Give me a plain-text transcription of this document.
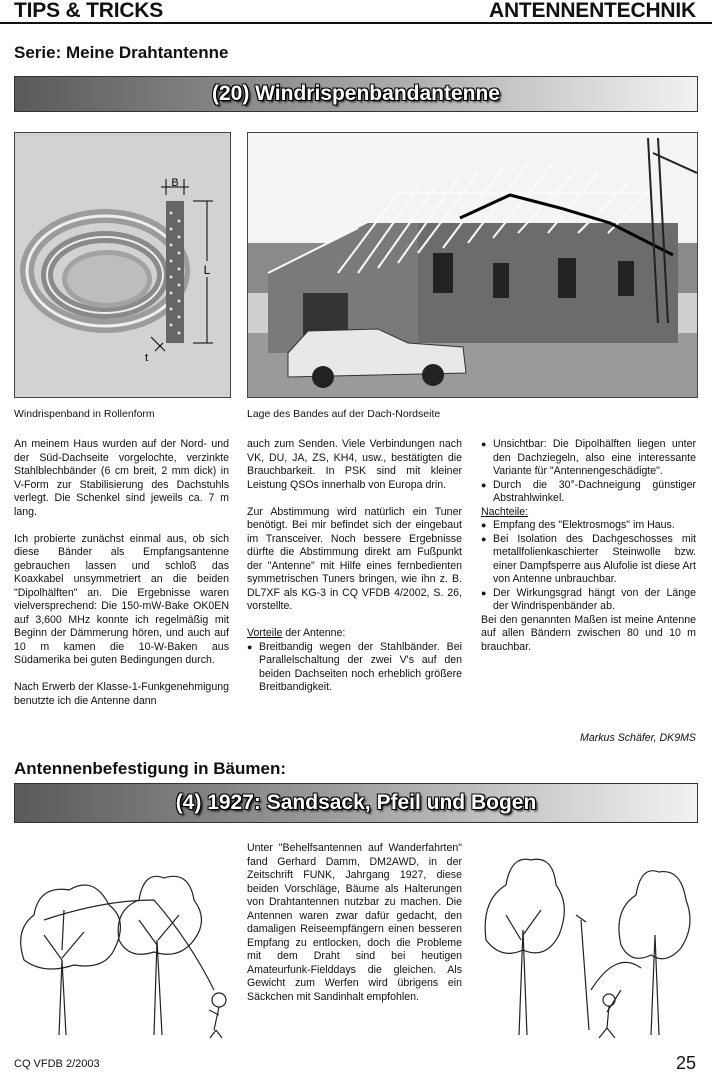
TIPS & TRICKS	ANTENNENTECHNIK
Serie: Meine Drahtantenne
(20) Windrispenbandantenne
B
L
t
Windrispenband in Rollenform	Lage des Bandes auf der Dach-Nordseite

An meinem Haus wurden auf der Nord- und der Süd-Dachseite vorgelochte, verzinkte Stahlblechbänder (6 cm breit, 2 mm dick) in V-Form zur Stabilisierung des Dachstuhls verlegt. Die Schenkel sind jeweils ca. 7 m lang.

Ich probierte zunächst einmal aus, ob sich diese Bänder als Empfangsantenne gebrauchen lassen und schloß das Koaxkabel unsymmetriert an die beiden "Dipolhälften" an. Die Ergebnisse waren vielversprechend: Die 150-mW-Bake OK0EN auf 3,600 MHz konnte ich regelmäßig mit Beginn der Dämmerung hören, und auch auf 10 m kamen die 10-W-Baken aus Südamerika bei guten Bedingungen durch.

Nach Erwerb der Klasse-1-Funkgenehmigung benutzte ich die Antenne dann

auch zum Senden. Viele Verbindungen nach VK, DU, JA, ZS, KH4, usw., bestätigten die Brauchbarkeit. In PSK sind mit kleiner Leistung QSOs innerhalb von Europa drin.

Zur Abstimmung wird natürlich ein Tuner benötigt. Bei mir befindet sich der eingebaut im Transceiver. Noch bessere Ergebnisse dürfte die Abstimmung direkt am Fußpunkt der "Antenne" mit Hilfe eines fernbedienten symmetrischen Tuners bringen, wie ihn z. B. DL7XF als KG-3 in CQ VFDB 4/2002, S. 26, vorstellte.

Vorteile der Antenne:
● Breitbandig wegen der Stahlbänder. Bei Parallelschaltung der zwei V's auf den beiden Dachseiten noch erheblich größere Breitbandigkeit.
● Unsichtbar: Die Dipolhälften liegen unter den Dachziegeln, also eine interessante Variante für "Antennengeschädigte".
● Durch die 30°-Dachneigung günstiger Abstrahlwinkel.
Nachteile:
● Empfang des "Elektrosmogs" im Haus.
● Bei Isolation des Dachgeschosses mit metallfolienkaschierter Steinwolle bzw. einer Dampfsperre aus Alufolie ist diese Art von Antenne unbrauchbar.
● Der Wirkungsgrad hängt von der Länge der Windrispenbänder ab.
Bei den genannten Maßen ist meine Antenne auf allen Bändern zwischen 80 und 10 m brauchbar.
Markus Schäfer, DK9MS
Antennenbefestigung in Bäumen:
(4) 1927: Sandsack, Pfeil und Bogen
Unter "Behelfsantennen auf Wanderfahrten" fand Gerhard Damm, DM2AWD, in der Zeitschrift FUNK, Jahrgang 1927, diese beiden Vorschläge, Bäume als Halterungen von Drahtantennen nutzbar zu machen. Die Antennen waren zwar dafür gedacht, den damaligen Reiseempfängern einen besseren Empfang zu entlocken, doch die Probleme mit dem Draht sind bei heutigen Amateurfunk-Fielddays die gleichen. Als Gewicht zum Werfen wird übrigens ein Säckchen mit Sandinhalt empfohlen.
CQ VFDB 2/2003	25
